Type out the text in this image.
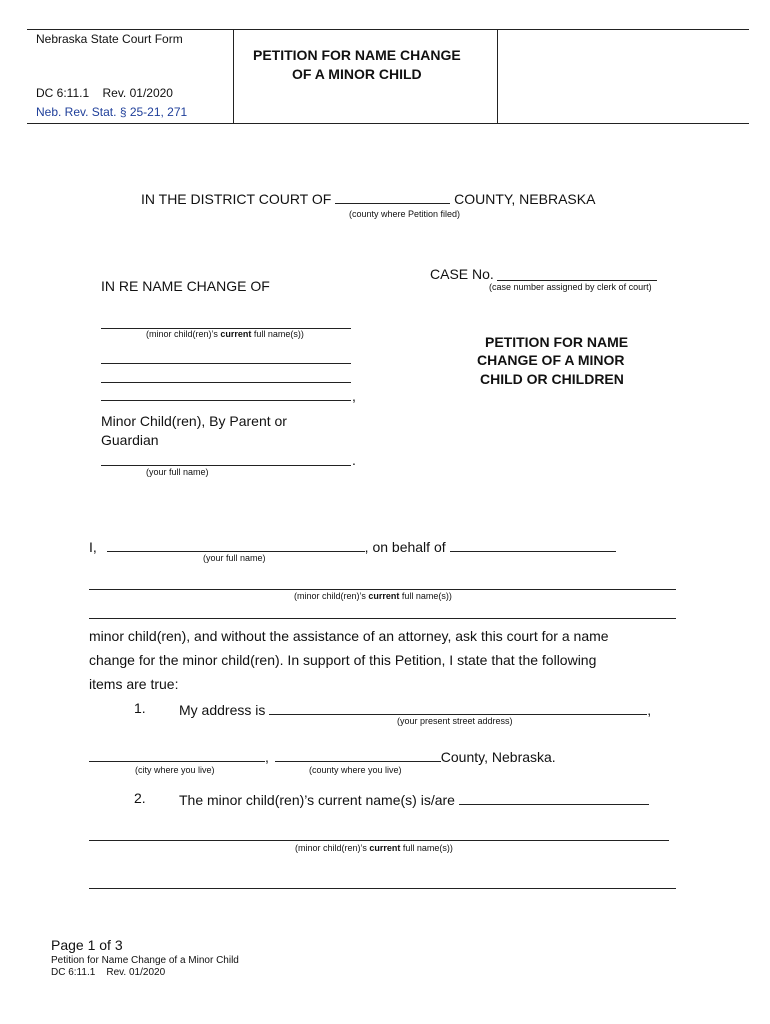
Nebraska State Court Form
DC 6:11.1 Rev. 01/2020
Neb. Rev. Stat. § 25-21, 271
PETITION FOR NAME CHANGE
OF A MINOR CHILD
IN THE DISTRICT COURT OF	COUNTY, NEBRASKA
(county where Petition filed)
IN RE NAME CHANGE OF
CASE No.
(case number assigned by clerk of court)
(minor child(ren)’s current full name(s))
,
Minor Child(ren), By Parent or
Guardian
.
(your full name)
PETITION FOR NAME
CHANGE OF A MINOR
CHILD OR CHILDREN
I,	, on behalf of
(your full name)
(minor child(ren)’s current full name(s))
minor child(ren), and without the assistance of an attorney, ask this court for a name
change for the minor child(ren). In support of this Petition, I state that the following
items are true:
1. My address is	,
(your present street address)
,	County, Nebraska.
(city where you live)	(county where you live)
2. The minor child(ren)’s current name(s) is/are
(minor child(ren)’s current full name(s))
Page 1 of 3
Petition for Name Change of a Minor Child
DC 6:11.1    Rev. 01/2020
